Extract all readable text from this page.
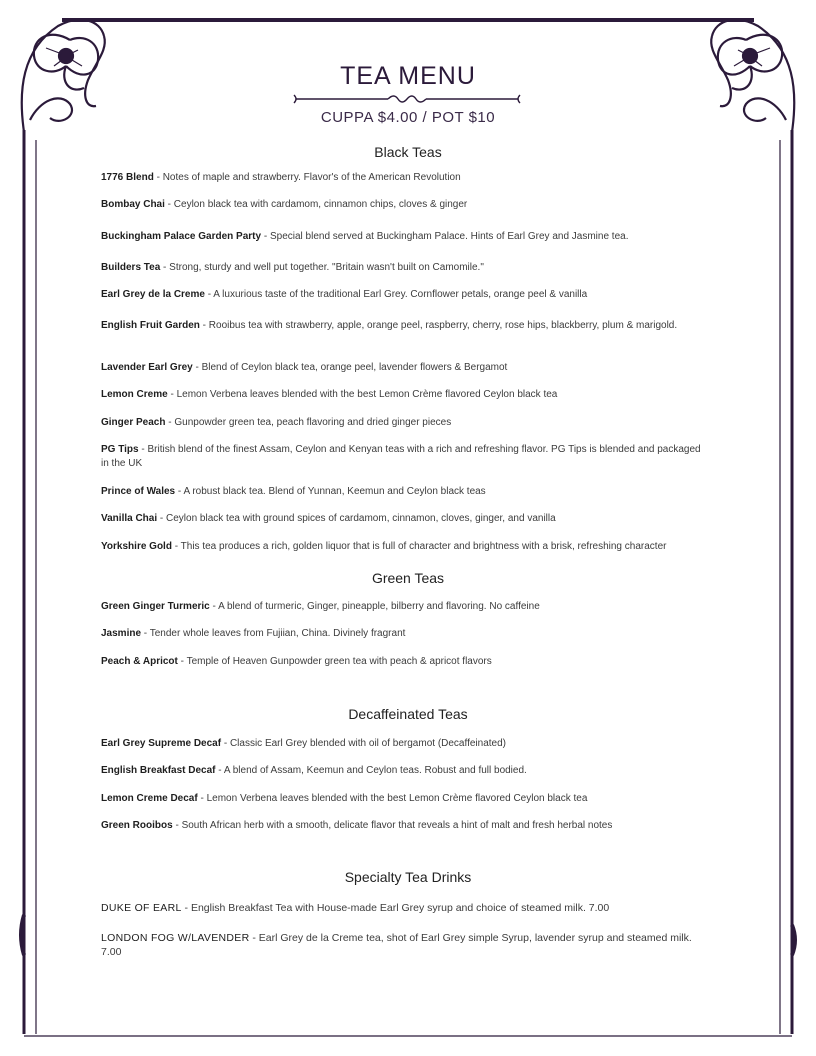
TEA MENU
CUPPA $4.00 / POT $10
Black Teas
1776 Blend - Notes of maple and strawberry. Flavor's of the American Revolution
Bombay Chai - Ceylon black tea with cardamom, cinnamon chips, cloves & ginger
Buckingham Palace Garden Party - Special blend served at Buckingham Palace. Hints of Earl Grey and Jasmine tea.
Builders Tea - Strong, sturdy and well put together. "Britain wasn't built on Camomile."
Earl Grey de la Creme - A luxurious taste of the traditional Earl Grey. Cornflower petals, orange peel & vanilla
English Fruit Garden - Rooibus tea with strawberry, apple, orange peel, raspberry, cherry, rose hips, blackberry, plum & marigold.
Lavender Earl Grey - Blend of Ceylon black tea, orange peel, lavender flowers & Bergamot
Lemon Creme - Lemon Verbena leaves blended with the best Lemon Crème flavored Ceylon black tea
Ginger Peach - Gunpowder green tea, peach flavoring and dried ginger pieces
PG Tips - British blend of the finest Assam, Ceylon and Kenyan teas with a rich and refreshing flavor. PG Tips is blended and packaged in the UK
Prince of Wales - A robust black tea. Blend of Yunnan, Keemun and Ceylon black teas
Vanilla Chai - Ceylon black tea with ground spices of cardamom, cinnamon, cloves, ginger, and vanilla
Yorkshire Gold - This tea produces a rich, golden liquor that is full of character and brightness with a brisk, refreshing character
Green Teas
Green Ginger Turmeric - A blend of turmeric, Ginger, pineapple, bilberry and flavoring. No caffeine
Jasmine - Tender whole leaves from Fujiian, China. Divinely fragrant
Peach & Apricot - Temple of Heaven Gunpowder green tea with peach & apricot flavors
Decaffeinated Teas
Earl Grey Supreme Decaf - Classic Earl Grey blended with oil of bergamot (Decaffeinated)
English Breakfast Decaf - A blend of Assam, Keemun and Ceylon teas. Robust and full bodied.
Lemon Creme Decaf - Lemon Verbena leaves blended with the best Lemon Crème flavored Ceylon black tea
Green Rooibos - South African herb with a smooth, delicate flavor that reveals a hint of malt and fresh herbal notes
Specialty Tea Drinks
DUKE OF EARL - English Breakfast Tea with House-made Earl Grey syrup and choice of steamed milk. 7.00
LONDON FOG W/LAVENDER - Earl Grey de la Creme tea, shot of Earl Grey simple Syrup, lavender syrup and steamed milk. 7.00
